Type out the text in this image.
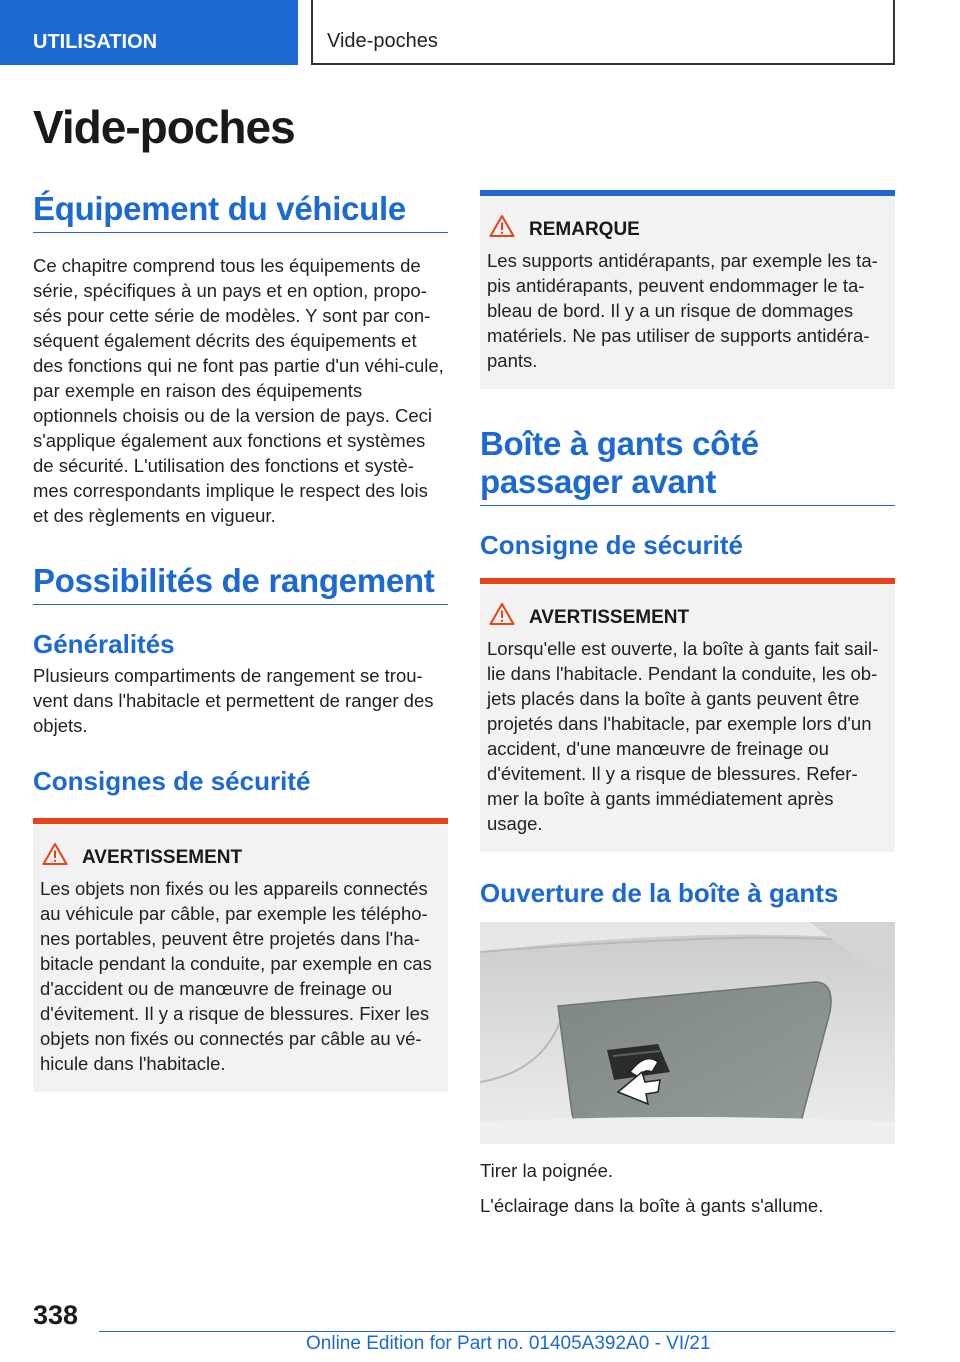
UTILISATION	Vide-poches
Vide-poches
Équipement du véhicule

Ce chapitre comprend tous les équipements de série, spécifiques à un pays et en option, propo-sés pour cette série de modèles. Y sont par con-séquent également décrits des équipements et des fonctions qui ne font pas partie d'un véhi-cule, par exemple en raison des équipements optionnels choisis ou de la version de pays. Ceci s'applique également aux fonctions et systèmes de sécurité. L'utilisation des fonctions et systè-mes correspondants implique le respect des lois et des règlements en vigueur.

Possibilités de rangement
Généralités

Plusieurs compartiments de rangement se trou-vent dans l'habitacle et permettent de ranger des objets.

Consignes de sécurité
AVERTISSEMENT

Les objets non fixés ou les appareils connectés au véhicule par câble, par exemple les télépho-nes portables, peuvent être projetés dans l'ha-bitacle pendant la conduite, par exemple en cas d'accident ou de manœuvre de freinage ou d'évitement. Il y a risque de blessures. Fixer les objets non fixés ou connectés par câble au vé-hicule dans l'habitacle.

REMARQUE

Les supports antidérapants, par exemple les ta-pis antidérapants, peuvent endommager le ta-bleau de bord. Il y a un risque de dommages matériels. Ne pas utiliser de supports antidéra-pants.

Boîte à gants côté passager avant
Consigne de sécurité
AVERTISSEMENT

Lorsqu'elle est ouverte, la boîte à gants fait sail-lie dans l'habitacle. Pendant la conduite, les ob-jets placés dans la boîte à gants peuvent être projetés dans l'habitacle, par exemple lors d'un accident, d'une manœuvre de freinage ou d'évitement. Il y a risque de blessures. Refer-mer la boîte à gants immédiatement après usage.

Ouverture de la boîte à gants

Tirer la poignée.

L'éclairage dans la boîte à gants s'allume.

338
Online Edition for Part no. 01405A392A0 - VI/21
